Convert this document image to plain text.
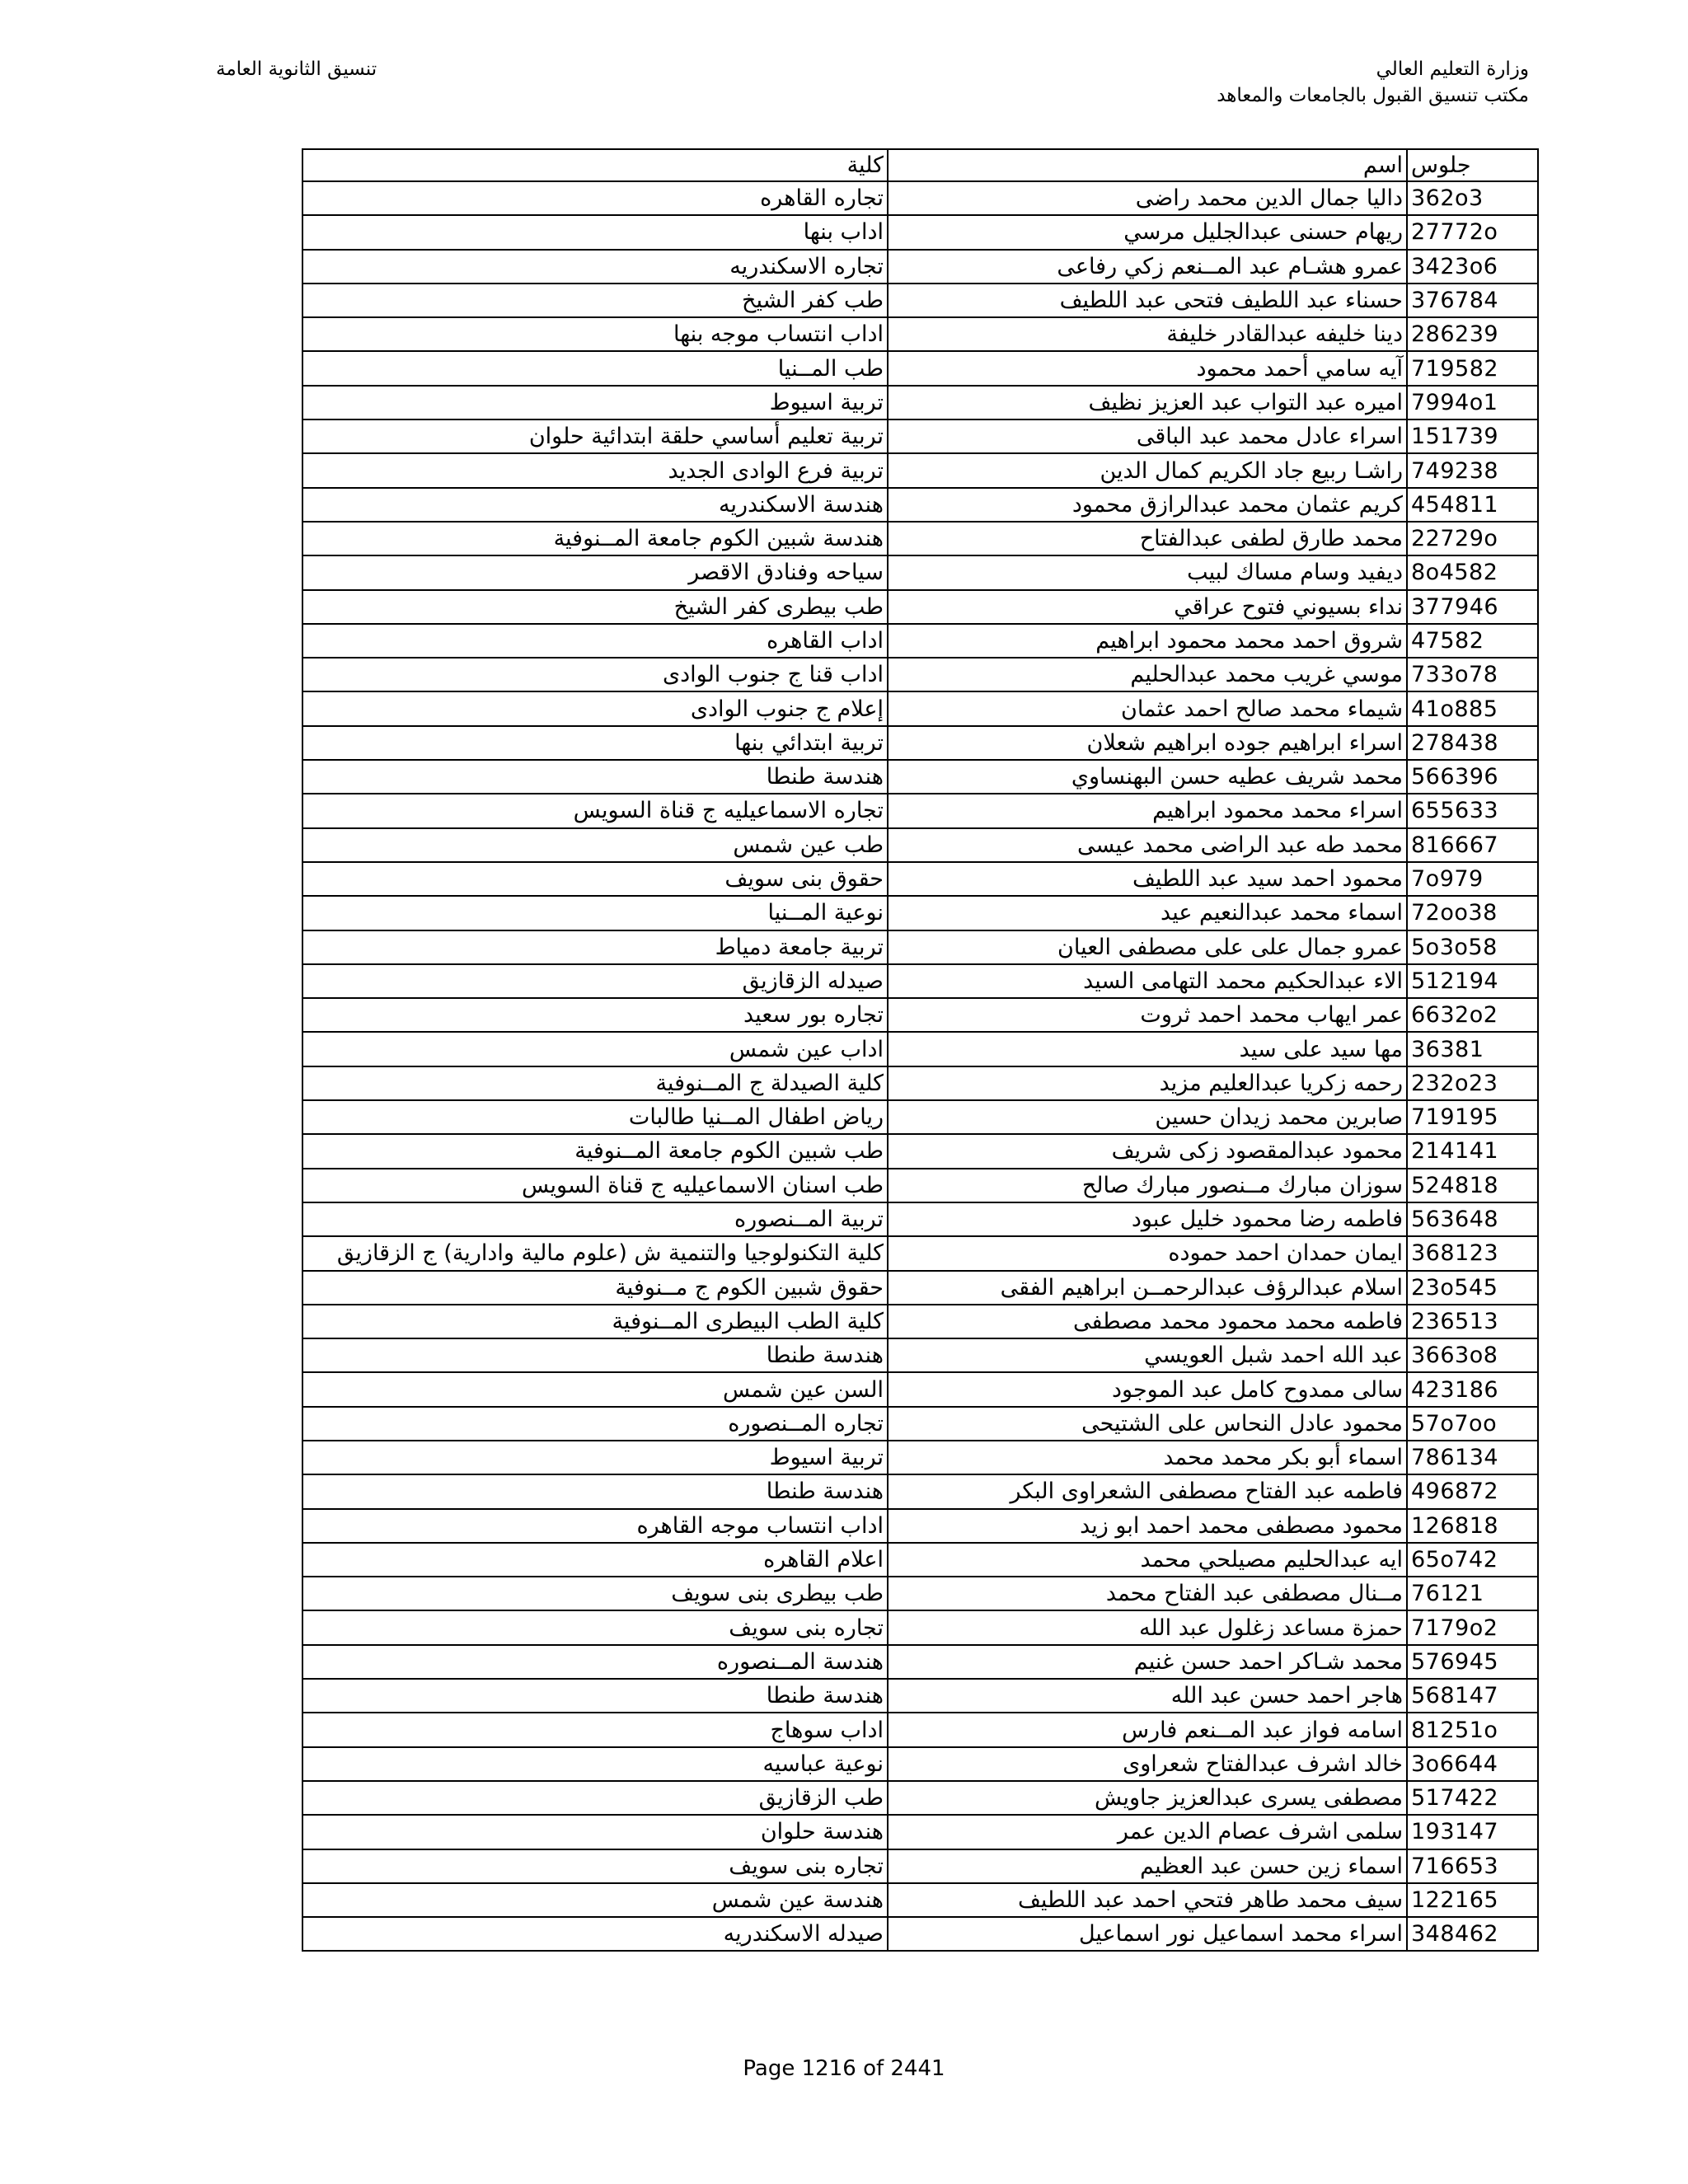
وزارة التعليم العالي
مكتب تنسيق القبول بالجامعات والمعاهد
تنسيق الثانوية العامة
كلية	اسم	جلوس
تجاره القاهره	داليا جمال الدين محمد راضى	362o3
اداب بنها	ريهام حسنى عبدالجليل مرسي	27772o
تجاره الاسكندريه	عمرو هشـام عبد المــنعم زكي رفاعى	3423o6
طب كفر الشيخ	حسناء عبد اللطيف فتحى عبد اللطيف	376784
اداب انتساب موجه بنها	دينا خليفه عبدالقادر خليفة	286239
طب المــنيا	آيه سامي أحمد محمود	719582
تربية اسيوط	اميره عبد التواب عبد العزيز نظيف	7994o1
تربية تعليم أساسي حلقة ابتدائية حلوان	اسراء عادل محمد عبد الباقى	151739
تربية فرع الوادى الجديد	راشـا ربيع جاد الكريم كمال الدين	749238
هندسة الاسكندريه	كريم عثمان محمد عبدالرازق محمود	454811
هندسة شبين الكوم جامعة المــنوفية	محمد طارق لطفى عبدالفتاح	22729o
سياحه وفنادق الاقصر	ديفيد وسام مساك لبيب	8o4582
طب بيطرى كفر الشيخ	نداء بسيوني فتوح عراقي	377946
اداب القاهره	شروق احمد محمد محمود ابراهيم	47582
اداب قنا ج جنوب الوادى	موسي غريب محمد عبدالحليم	733o78
إعلام ج جنوب الوادى	شيماء محمد صالح احمد عثمان	41o885
تربية ابتدائي بنها	اسراء ابراهيم جوده ابراهيم شعلان	278438
هندسة طنطا	محمد شريف عطيه حسن البهنساوي	566396
تجاره الاسماعيليه ج قناة السويس	اسراء محمد محمود ابراهيم	655633
طب عين شمس	محمد طه عبد الراضى محمد عيسى	816667
حقوق بنى سويف	محمود احمد سيد عبد اللطيف	7o979
نوعية المــنيا	اسماء محمد عبدالنعيم عيد	72oo38
تربية جامعة دمياط	عمرو جمال على على مصطفى العيان	5o3o58
صيدله الزقازيق	الاء عبدالحكيم محمد التهامى السيد	512194
تجاره بور سعيد	عمر ايهاب محمد احمد ثروت	6632o2
اداب عين شمس	مها سيد على سيد	36381
كلية الصيدلة ج المــنوفية	رحمه زكريا عبدالعليم مزيد	232o23
رياض اطفال المــنيا طالبات	صابرين محمد زيدان حسين	719195
طب شبين الكوم جامعة المــنوفية	محمود عبدالمقصود زكى شريف	214141
طب اسنان الاسماعيليه ج قناة السويس	سوزان مبارك مــنصور مبارك صالح	524818
تربية المــنصوره	فاطمه رضا محمود خليل عبود	563648
كلية التكنولوجيا والتنمية ش (علوم مالية وادارية) ج الزقازيق	ايمان حمدان احمد حموده	368123
حقوق شبين الكوم ج مــنوفية	اسلام عبدالرؤف عبدالرحمــن ابراهيم الفقى	23o545
كلية الطب البيطرى المــنوفية	فاطمه محمد محمود محمد مصطفى	236513
هندسة طنطا	عبد الله احمد شبل العويسي	3663o8
السن عين شمس	سالى ممدوح كامل عبد الموجود	423186
تجاره المــنصوره	محمود عادل النحاس على الشتيحى	57o7oo
تربية اسيوط	اسماء أبو بكر محمد محمد	786134
هندسة طنطا	فاطمه عبد الفتاح مصطفى الشعراوى البكر	496872
اداب انتساب موجه القاهره	محمود مصطفى محمد احمد ابو زيد	126818
اعلام القاهره	ايه عبدالحليم مصيلحي محمد	65o742
طب بيطرى بنى سويف	مــنال مصطفى عبد الفتاح محمد	76121
تجاره بنى سويف	حمزة مساعد زغلول عبد الله	7179o2
هندسة المــنصوره	محمد شـاكر احمد حسن غنيم	576945
هندسة طنطا	هاجر احمد حسن عبد الله	568147
اداب سوهاج	اسامه فواز عبد المــنعم فارس	81251o
نوعية عباسيه	خالد اشرف عبدالفتاح شعراوى	3o6644
طب الزقازيق	مصطفى يسرى عبدالعزيز جاويش	517422
هندسة حلوان	سلمى اشرف عصام الدين عمر	193147
تجاره بنى سويف	اسماء زين حسن عبد العظيم	716653
هندسة عين شمس	سيف محمد طاهر فتحي احمد عبد اللطيف	122165
صيدله الاسكندريه	اسراء محمد اسماعيل نور اسماعيل	348462
Page 1216 of 2441
